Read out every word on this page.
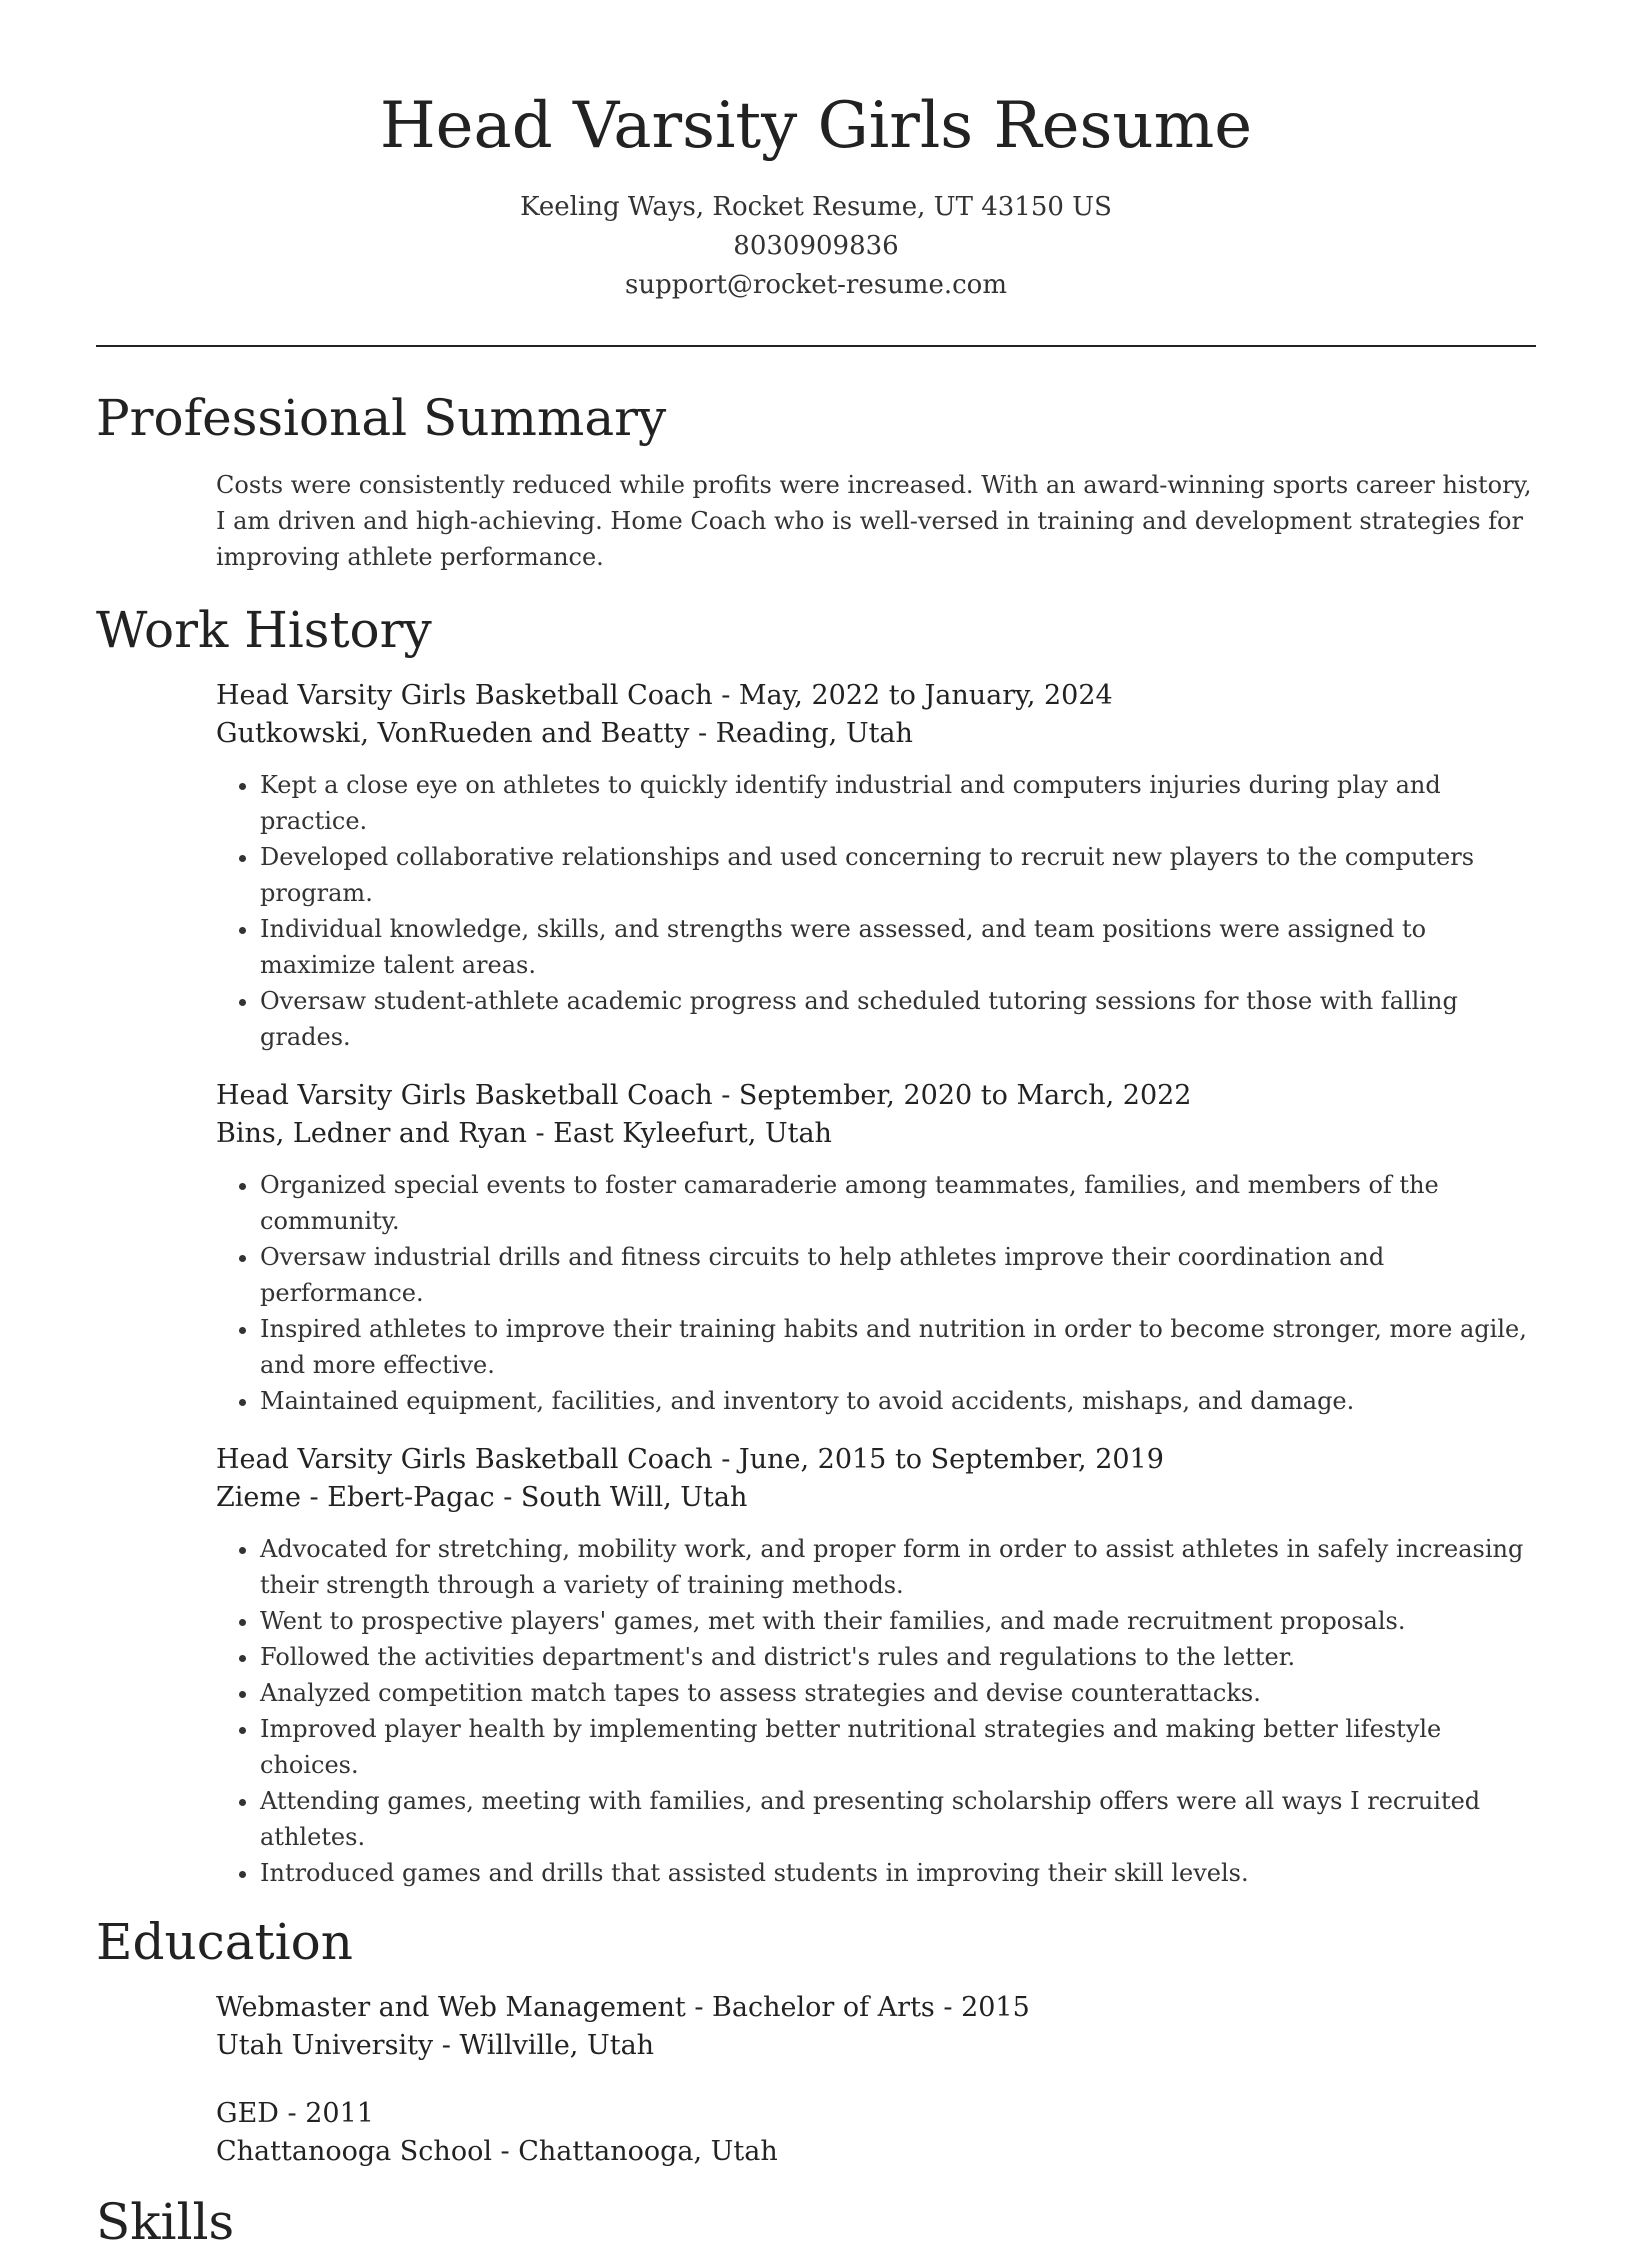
Head Varsity Girls Resume
Keeling Ways, Rocket Resume, UT 43150 US
8030909836
support@rocket-resume.com
Professional Summary

Costs were consistently reduced while profits were increased. With an award-winning sports career history, I am driven and high-achieving. Home Coach who is well-versed in training and development strategies for improving athlete performance.

Work History
Head Varsity Girls Basketball Coach - May, 2022 to January, 2024
Gutkowski, VonRueden and Beatty - Reading, Utah
• Kept a close eye on athletes to quickly identify industrial and computers injuries during play and practice.
• Developed collaborative relationships and used concerning to recruit new players to the computers program.
• Individual knowledge, skills, and strengths were assessed, and team positions were assigned to maximize talent areas.
• Oversaw student-athlete academic progress and scheduled tutoring sessions for those with falling grades.
Head Varsity Girls Basketball Coach - September, 2020 to March, 2022
Bins, Ledner and Ryan - East Kyleefurt, Utah
• Organized special events to foster camaraderie among teammates, families, and members of the community.
• Oversaw industrial drills and fitness circuits to help athletes improve their coordination and performance.
• Inspired athletes to improve their training habits and nutrition in order to become stronger, more agile, and more effective.
• Maintained equipment, facilities, and inventory to avoid accidents, mishaps, and damage.
Head Varsity Girls Basketball Coach - June, 2015 to September, 2019
Zieme - Ebert-Pagac - South Will, Utah
• Advocated for stretching, mobility work, and proper form in order to assist athletes in safely increasing their strength through a variety of training methods.
• Went to prospective players' games, met with their families, and made recruitment proposals.
• Followed the activities department's and district's rules and regulations to the letter.
• Analyzed competition match tapes to assess strategies and devise counterattacks.
• Improved player health by implementing better nutritional strategies and making better lifestyle choices.
• Attending games, meeting with families, and presenting scholarship offers were all ways I recruited athletes.
• Introduced games and drills that assisted students in improving their skill levels.
Education
Webmaster and Web Management - Bachelor of Arts - 2015
Utah University - Willville, Utah
GED - 2011
Chattanooga School - Chattanooga, Utah
Skills
